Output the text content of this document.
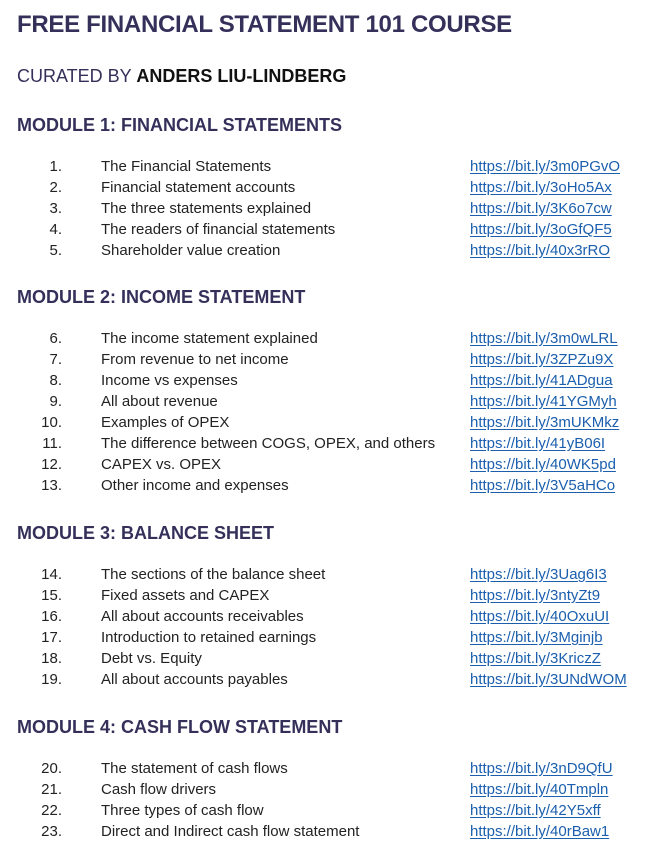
FREE FINANCIAL STATEMENT 101 COURSE

CURATED BY ANDERS LIU-LINDBERG

MODULE 1: FINANCIAL STATEMENTS
1.	The Financial Statements	https://bit.ly/3m0PGvO
2.	Financial statement accounts	https://bit.ly/3oHo5Ax
3.	The three statements explained	https://bit.ly/3K6o7cw
4.	The readers of financial statements	https://bit.ly/3oGfQF5
5.	Shareholder value creation	https://bit.ly/40x3rRO
MODULE 2: INCOME STATEMENT
6.	The income statement explained	https://bit.ly/3m0wLRL
7.	From revenue to net income	https://bit.ly/3ZPZu9X
8.	Income vs expenses	https://bit.ly/41ADgua
9.	All about revenue	https://bit.ly/41YGMyh
10.	Examples of OPEX	https://bit.ly/3mUKMkz
11.	The difference between COGS, OPEX, and others https://bit.ly/41yB06I
12.	CAPEX vs. OPEX	https://bit.ly/40WK5pd
13.	Other income and expenses	https://bit.ly/3V5aHCo
MODULE 3: BALANCE SHEET
14.	The sections of the balance sheet	https://bit.ly/3Uag6I3
15.	Fixed assets and CAPEX	https://bit.ly/3ntyZt9
16.	All about accounts receivables	https://bit.ly/40OxuUI
17.	Introduction to retained earnings	https://bit.ly/3Mginjb
18.	Debt vs. Equity	https://bit.ly/3KriczZ
19.	All about accounts payables	https://bit.ly/3UNdWOM
MODULE 4: CASH FLOW STATEMENT
20.	The statement of cash flows	https://bit.ly/3nD9QfU
21.	Cash flow drivers	https://bit.ly/40Tmpln
22.	Three types of cash flow	https://bit.ly/42Y5xff
23.	Direct and Indirect cash flow statement	https://bit.ly/40rBaw1
